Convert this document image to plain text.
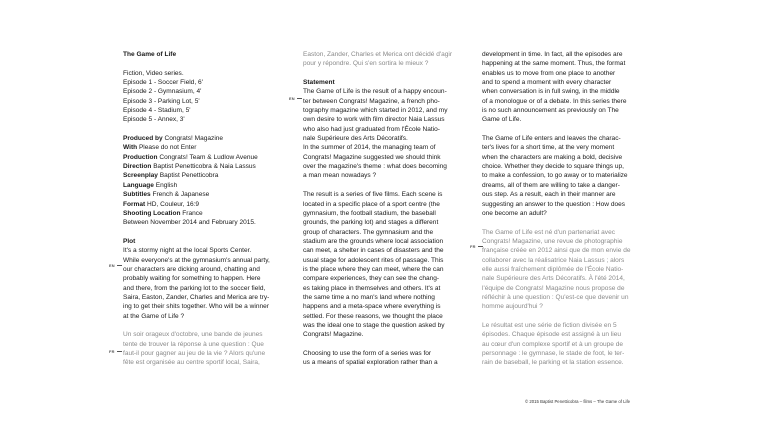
The Game of Life
Fiction, Video series.
Episode 1 - Soccer Field, 6'
Episode 2 - Gymnasium, 4'
Episode 3 - Parking Lot, 5'
Episode 4 - Stadium, 5'
Episode 5 - Annex, 3'
Produced by Congrats! Magazine
With Please do not Enter
Production Congrats! Team & Ludlow Avenue
Direction Baptist Penetticobra & Naia Lassus
Screenplay Baptist Penetticobra
Language English
Subtitles French & Japanese
Format HD, Couleur, 16:9
Shooting Location France
Between November 2014 and February 2015.
Plot
It's a stormy night at the local Sports Center.
While everyone's at the gymnasium's annual party,
our characters are dicking around, chatting and
probably waiting for something to happen. Here
and there, from the parking lot to the soccer field,
Saira, Easton, Zander, Charles and Merica are try-
ing to get their shits together. Who will be a winner
at the Game of Life ?
Un soir orageux d'octobre, une bande de jeunes
tente de trouver la réponse à une question : Que
faut-il pour gagner au jeu de la vie ? Alors qu'une
fête est organisée au centre sportif local, Saira,
EN
FR
EN
FR
Easton, Zander, Charles et Merica ont décidé d'agir
pour y répondre. Qui s'en sortira le mieux ?
Statement
The Game of Life is the result of a happy encoun-
ter between Congrats! Magazine, a french pho-
tography magazine which started in 2012, and my
own desire to work with film director Naia Lassus
who also had just graduated from l'École Natio-
nale Supérieure des Arts Décoratifs.
In the summer of 2014, the managing team of
Congrats! Magazine suggested we should think
over the magazine's theme : what does becoming
a man mean nowadays ?
The result is a series of five films. Each scene is
located in a specific place of a sport centre (the
gymnasium, the football stadium, the baseball
grounds, the parking lot) and stages a different
group of characters. The gymnasium and the
stadium are the grounds where local association
can meet, a shelter in cases of disasters and the
usual stage for adolescent rites of passage. This
is the place where they can meet, where the can
compare experiences, they can see the chang-
es taking place in themselves and others. It's at
the same time a no man's land where nothing
happens and a meta-space where everything is
settled. For these reasons, we thought the place
was the ideal one to stage the question asked by
Congrats! Magazine.
Choosing to use the form of a series was for
us a means of spatial exploration rather than a
development in time. In fact, all the episodes are
happening at the same moment. Thus, the format
enables us to move from one place to another
and to spend a moment with every character
when conversation is in full swing, in the middle
of a monologue or of a debate. In this series there
is no such announcement as previously on The
Game of Life.
The Game of Life enters and leaves the charac-
ter's lives for a short time, at the very moment
when the characters are making a bold, decisive
choice. Whether they decide to square things up,
to make a confession, to go away or to materialize
dreams, all of them are willing to take a danger-
ous step. As a result, each in their manner are
suggesting an answer to the question : How does
one become an adult?
The Game of Life est né d'un partenariat avec
Congrats! Magazine, une revue de photographie
française créée en 2012 ainsi que de mon envie de
collaborer avec la réalisatrice Naia Lassus ; alors
elle aussi fraîchement diplômée de l'École Natio-
nale Supérieure des Arts Décoratifs. À l'été 2014,
l'équipe de Congrats! Magazine nous propose de
réfléchir à une question : Qu'est-ce que devenir un
homme aujourd'hui ?
Le résultat est une série de fiction divisée en 5
épisodes. Chaque épisode est assigné à un lieu
au cœur d'un complexe sportif et à un groupe de
personnage : le gymnase, le stade de foot, le ter-
rain de baseball, le parking et la station essence.
© 2015 Baptist Penetticobra – films – The Game of Life
